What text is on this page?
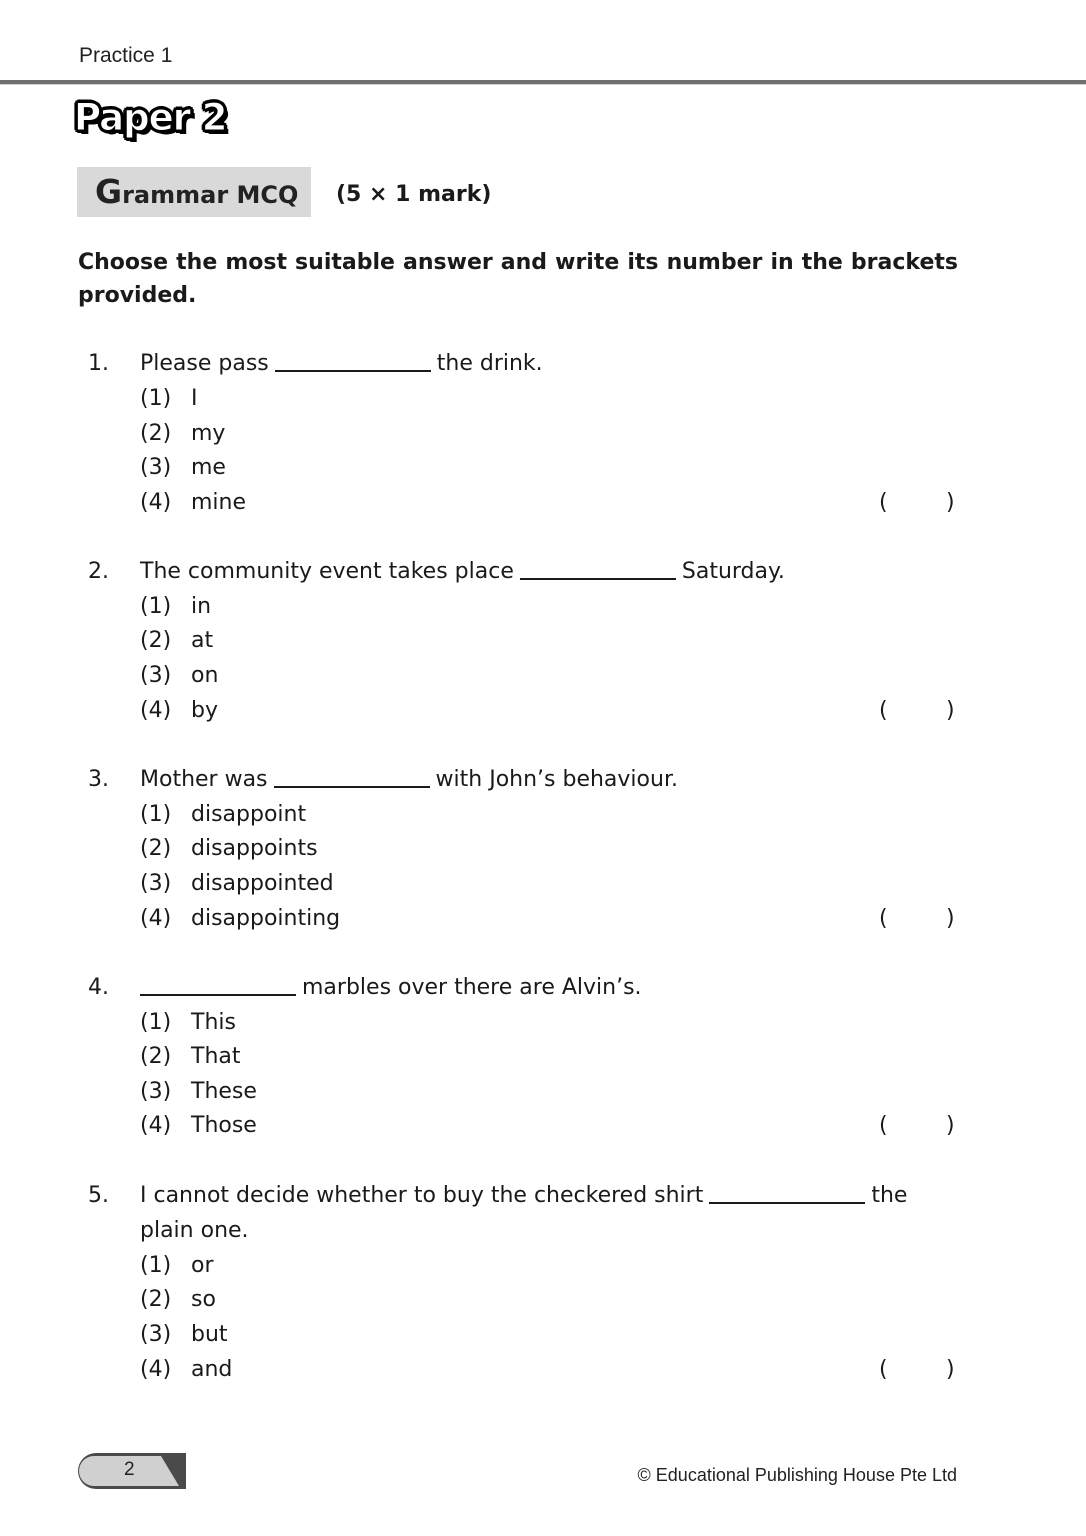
Practice 1
Paper 2
Grammar MCQ (5 × 1 mark)
Choose the most suitable answer and write its number in the brackets provided.
1. Please pass	the drink.
(1) I
(2) my
(3) me
(4) mine	(	)
2. The community event takes place	Saturday.
(1) in
(2) at
(3) on
(4) by	(	)
3. Mother was	with John’s behaviour.
(1) disappoint
(2) disappoints
(3) disappointed
(4) disappointing	(	)
4.	marbles over there are Alvin’s.
(1) This
(2) That
(3) These
(4) Those	(	)
5. I cannot decide whether to buy the checkered shirt	the
plain one.
(1) or
(2) so
(3) but
(4) and	(	)
2	© Educational Publishing House Pte Ltd
